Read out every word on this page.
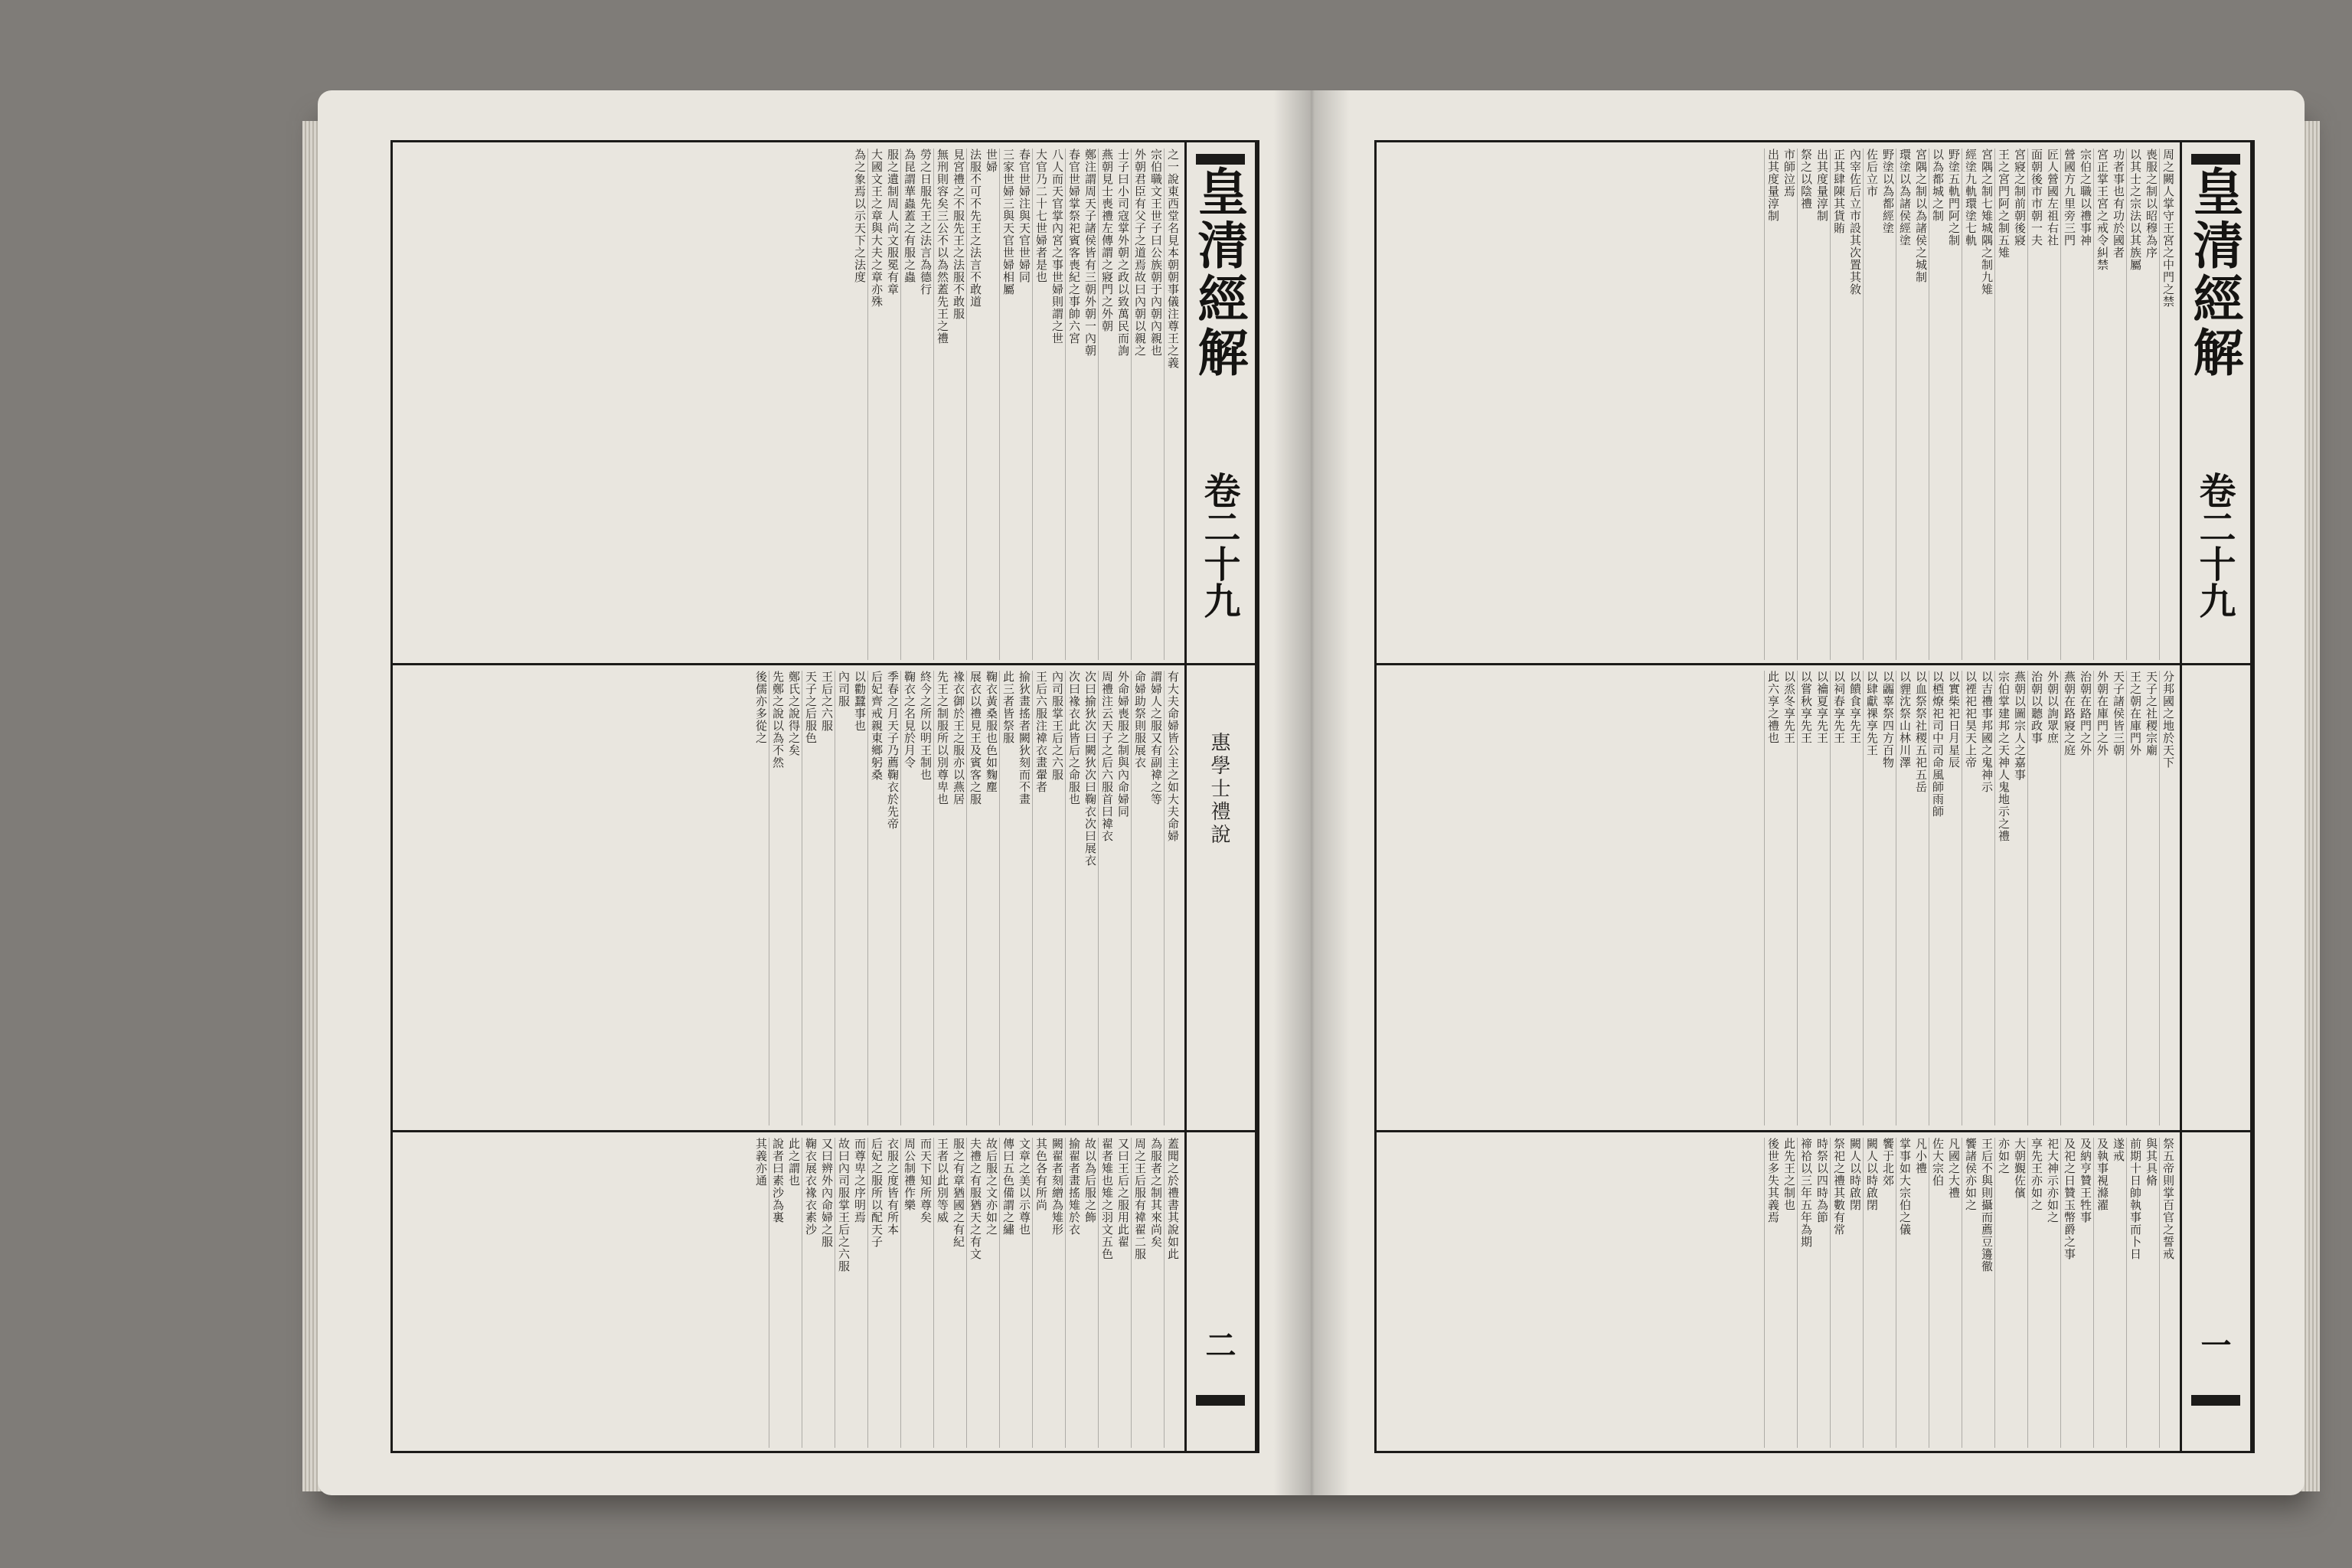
皇清經解
卷二十九
惠學士禮說
二
之一說東西堂名見本朝朝事儀注尊王之義
宗伯職文王世子曰公族朝于內朝內親也
外朝君臣有父子之道焉故曰內朝以親之
士子曰小司寇掌外朝之政以致萬民而詢
燕朝見士喪禮左傳謂之寢門之外朝
鄭注謂周天子諸侯皆有三朝外朝一內朝
春官世婦掌祭祀賓客喪紀之事帥六宮
八人而天官掌內宮之事世婦則謂之世
大官乃二十七世婦者是也
春官世婦注與天官世婦同
三家世婦三與天官世婦相屬
世婦
法服不可不先王之法言不敢道
見宮禮之不服先王之法服不敢服
無刑則容矣三公不以為然蓋先王之禮
勞之日服先王之法言為德行
為昆謂華蟲蓋之有服之蟲
服之遺制周人尚文服冕有章
大國文王之章與大夫之章亦殊
為之象焉以示天下之法度
有大夫命婦皆公主之如大夫命婦
謂婦人之服又有副褘之等
命婦助祭則服展衣
外命婦喪服之制與內命婦同
周禮注云天子之后六服首曰褘衣
次曰揄狄次曰闕狄次曰鞠衣次曰展衣
次曰褖衣此皆后之命服也
內司服掌王后之六服
王后六服注褘衣畫翬者
揄狄畫搖者闕狄刻而不畫
此三者皆祭服
鞠衣黃桑服也色如麴塵
展衣以禮見王及賓客之服
褖衣御於王之服亦以燕居
先王之制服所以別尊卑也
終今之所以明王制也
鞠衣之名見於月令
季春之月天子乃薦鞠衣於先帝
后妃齊戒親東鄉躬桑
以勸蠶事也
內司服
王后之六服
天子之后服色
鄭氏之說得之矣
先鄭之說以為不然
後儒亦多從之
蓋聞之於禮書其說如此
為服者之制其來尚矣
周之王后服有褘翟二服
又曰王后之服用此翟
翟者雉也雉之羽文五色
故以為后服之飾
揄翟者畫搖雉於衣
闕翟者刻繒為雉形
其色各有所尚
文章之美以示尊也
傳曰五色備謂之繡
故后服之文亦如之
夫禮之有服猶天之有文
服之有章猶國之有紀
王者以此別等威
而天下知所尊矣
周公制禮作樂
衣服之度皆有所本
后妃之服所以配天子
而尊卑之序明焉
故曰內司服掌王后之六服
又曰辨外內命婦之服
鞠衣展衣褖衣素沙
此之謂也
說者曰素沙為裏
其義亦通
皇清經解
卷二十九
一
周之闕人掌守王宮之中門之禁
喪服之制以昭穆為序
以其士之宗法以其族屬
功者事也有功於國者
宮正掌王宮之戒令糾禁
宗伯之職以禮事神
營國方九里旁三門
匠人營國左祖右社
面朝後市市朝一夫
宮寢之制前朝後寢
王之宮門阿之制五雉
宮隅之制七雉城隅之制九雉
經塗九軌環塗七軌
野塗五軌門阿之制
以為都城之制
宮隅之制以為諸侯之城制
環塗以為諸侯經塗
野塗以為都經塗
佐后立市
內宰佐后立市設其次置其敘
正其肆陳其貨賄
出其度量淳制
祭之以陰禮
市師泣焉
出其度量淳制
分邦國之地於天下
天子之社稷宗廟
王之朝在庫門外
天子諸侯皆三朝
外朝在庫門之外
治朝在路門之外
燕朝在路寢之庭
外朝以詢眾庶
治朝以聽政事
燕朝以圖宗人之嘉事
宗伯掌建邦之天神人鬼地示之禮
以吉禮事邦國之鬼神示
以禋祀祀昊天上帝
以實柴祀日月星辰
以槱燎祀司中司命風師雨師
以血祭祭社稷五祀五岳
以貍沈祭山林川澤
以疈辜祭四方百物
以肆獻祼享先王
以饋食享先王
以祠春享先王
以禴夏享先王
以嘗秋享先王
以烝冬享先王
此六享之禮也
祭五帝則掌百官之誓戒
與其具脩
前期十日帥執事而卜日
遂戒
及執事視滌濯
及納亨贊王牲事
及祀之日贊玉幣爵之事
祀大神示亦如之
享先王亦如之
大朝覲佐儐
亦如之
王后不與則攝而薦豆籩徹
饗諸侯亦如之
凡國之大禮
佐大宗伯
凡小禮
掌事如大宗伯之儀
饗于北郊
闕人以時啟閉
闕人以時啟閉
祭祀之禮其數有常
時祭以四時為節
禘祫以三年五年為期
此先王之制也
後世多失其義焉
